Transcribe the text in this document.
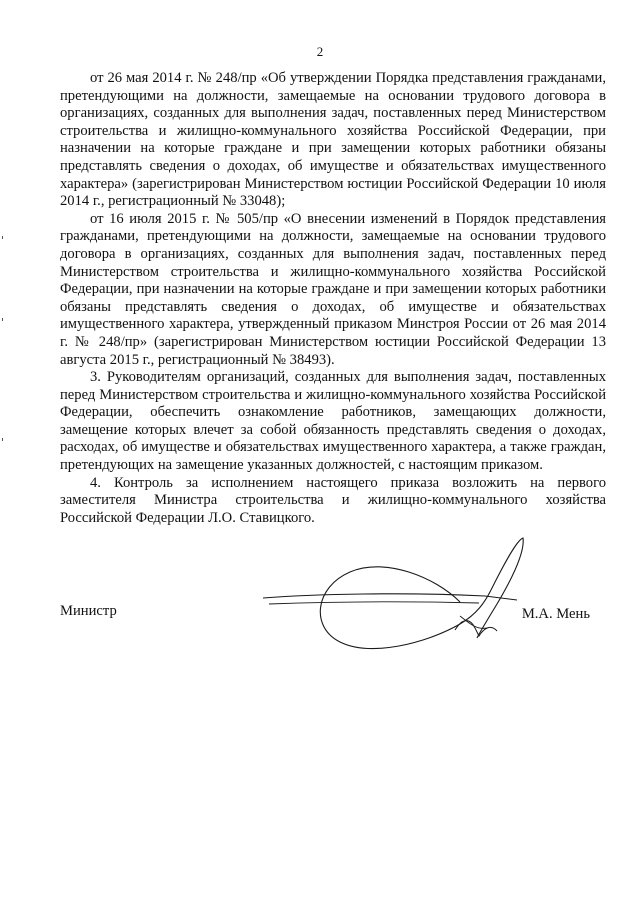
2

от 26 мая 2014 г. № 248/пр «Об утверждении Порядка представления гражданами, претендующими на должности, замещаемые на основании трудового договора в организациях, созданных для выполнения задач, поставленных перед Министерством строительства и жилищно-коммунального хозяйства Российской Федерации, при назначении на которые граждане и при замещении которых работники обязаны представлять сведения о доходах, об имуществе и обязательствах имущественного характера» (зарегистрирован Министерством юстиции Российской Федерации 10 июля 2014 г., регистрационный № 33048);

от 16 июля 2015 г. № 505/пр «О внесении изменений в Порядок представления гражданами, претендующими на должности, замещаемые на основании трудового договора в организациях, созданных для выполнения задач, поставленных перед Министерством строительства и жилищно-коммунального хозяйства Российской Федерации, при назначении на которые граждане и при замещении которых работники обязаны представлять сведения о доходах, об имуществе и обязательствах имущественного характера, утвержденный приказом Минстроя России от 26 мая 2014 г. № 248/пр» (зарегистрирован Министерством юстиции Российской Федерации 13 августа 2015 г., регистрационный № 38493).

3. Руководителям организаций, созданных для выполнения задач, поставленных перед Министерством строительства и жилищно-коммунального хозяйства Российской Федерации, обеспечить ознакомление работников, замещающих должности, замещение которых влечет за собой обязанность представлять сведения о доходах, расходах, об имуществе и обязательствах имущественного характера, а также граждан, претендующих на замещение указанных должностей, с настоящим приказом.

4. Контроль за исполнением настоящего приказа возложить на первого заместителя Министра строительства и жилищно-коммунального хозяйства Российской Федерации Л.О. Ставицкого.

Министр	М.А. Мень
